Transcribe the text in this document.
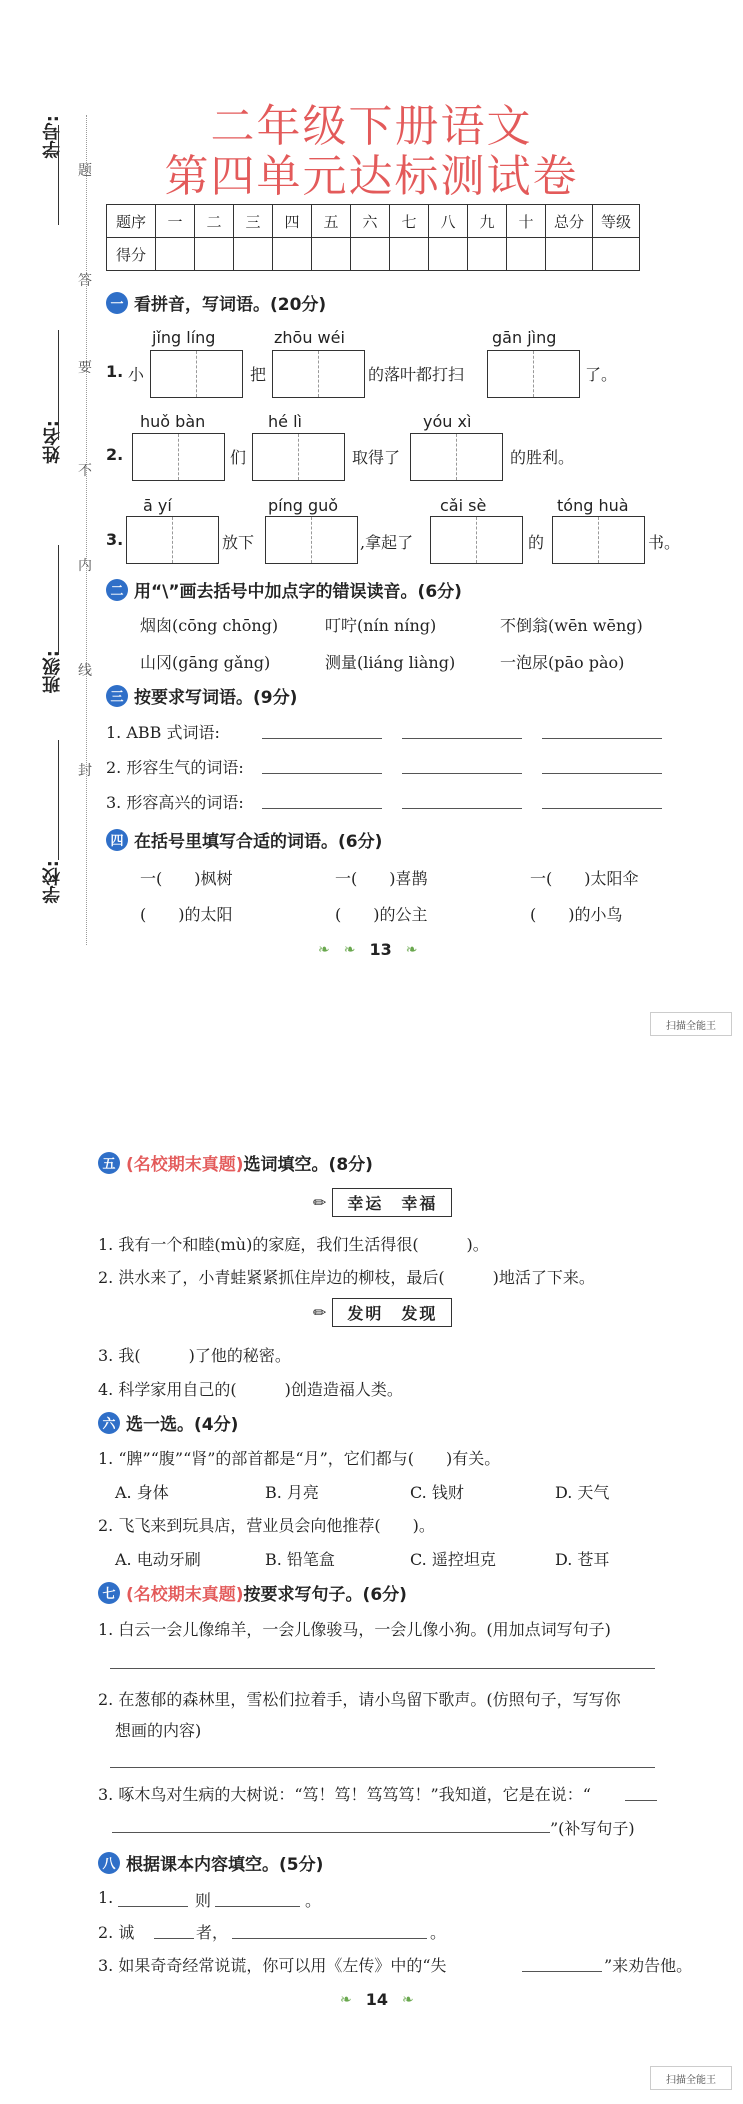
二年级下册语文
第四单元达标测试卷
学号:
姓名:
班级:
学校:
题
答
要
不
内
线
封
题序	一	二	三	四	五	六	七	八	九	十	总分	等级
得分												
一 看拼音，写词语。(20分)
jǐng líng	zhōu wéi	gān jìng
1. 小	把	的落叶都打扫	了。
huǒ bàn	hé lì	yóu xì
2.	们	取得了	的胜利。
ā yí	píng guǒ	cǎi sè	tóng huà
3.	放下	,拿起了	的	书。
二 用“\”画去括号中加点字的错误读音。(6分)
烟囱(cōng chōng)	叮咛(nín níng)	不倒翁(wēn wēng)
山冈(gāng gǎng)	测量(liáng liàng)	一泡尿(pāo pào)
三 按要求写词语。(9分)
1. ABB 式词语:
2. 形容生气的词语:
3. 形容高兴的词语:
四 在括号里填写合适的词语。(6分)
一(　　)枫树	一(　　)喜鹊	一(　　)太阳伞
(　　)的太阳	(　　)的公主	(　　)的小鸟
❧ ❧ 13 ❧
扫描全能王
五 (名校期末真题) 选词填空。(8分)
✏	幸运　幸福
1. 我有一个和睦(mù)的家庭，我们生活得很(　　　)。
2. 洪水来了，小青蛙紧紧抓住岸边的柳枝，最后(　　　)地活了下来。
✏	发明　发现
3. 我(　　　)了他的秘密。
4. 科学家用自己的(　　　)创造造福人类。
六 选一选。(4分)
1. “脾”“腹”“肾”的部首都是“月”，它们都与(　　)有关。
A. 身体	B. 月亮	C. 钱财	D. 天气
2. 飞飞来到玩具店，营业员会向他推荐(　　)。
A. 电动牙刷	B. 铅笔盒	C. 遥控坦克	D. 苍耳
七 (名校期末真题) 按要求写句子。(6分)
1. 白云一会儿像绵羊，一会儿像骏马，一会儿像小狗。(用加点词写句子)
2. 在葱郁的森林里，雪松们拉着手，请小鸟留下歌声。(仿照句子，写写你
想画的内容)
3. 啄木鸟对生病的大树说：“笃！笃！笃笃笃！”我知道，它是在说：“
”(补写句子)
八 根据课本内容填空。(5分)
1.	则	。
2. 诚	者，	。
3. 如果奇奇经常说谎，你可以用《左传》中的“失	”来劝告他。
❧ 14 ❧
扫描全能王
